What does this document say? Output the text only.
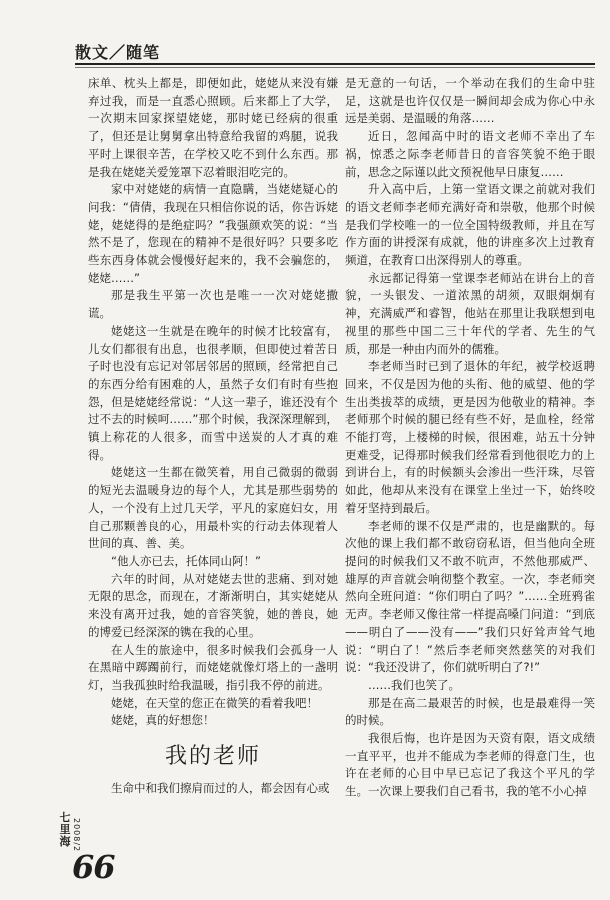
散文／随笔

床单、枕头上都是，即便如此，姥姥从来没有嫌弃过我，而是一直悉心照顾。后来都上了大学，一次期末回家探望姥姥，那时姥已经病的很重了，但还是让舅舅拿出特意给我留的鸡腿，说我平时上课很辛苦，在学校又吃不到什么东西。那是我在姥姥关爱笼罩下忍着眼泪吃完的。

家中对姥姥的病情一直隐瞒，当姥姥疑心的问我：“倩倩，我现在只相信你说的话，你告诉姥姥，姥姥得的是绝症吗？”我强颜欢笑的说：“当然不是了，您现在的精神不是很好吗？只要多吃些东西身体就会慢慢好起来的，我不会骗您的，姥姥……”

那是我生平第一次也是唯一一次对姥姥撒谎。

姥姥这一生就是在晚年的时候才比较富有，儿女们都很有出息，也很孝顺，但即使过着苦日子时也没有忘记对邻居邻居的照顾，经常把自己的东西分给有困难的人，虽然子女们有时有些抱怨，但是姥姥经常说：“人这一辈子，谁还没有个过不去的时候呵……”那个时候，我深深理解到，镇上称花的人很多，而雪中送炭的人才真的难得。

姥姥这一生都在微笑着，用自己微弱的微弱的短光去温暖身边的每个人，尤其是那些弱势的人，一个没有上过几天学，平凡的家庭妇女，用自己那颗善良的心，用最朴实的行动去体现着人世间的真、善、美。

“他人亦已去，托体同山阿！”

六年的时间，从对姥姥去世的悲痛、到对她无限的思念，而现在，才渐渐明白，其实姥姥从来没有离开过我，她的音容笑貌，她的善良，她的博爱已经深深的镌在我的心里。

在人生的旅途中，很多时候我们会孤身一人在黑暗中踯躅前行，而姥姥就像灯塔上的一盏明灯，当我孤独时给我温暖，指引我不停的前进。

姥姥，在天堂的您正在微笑的看着我吧！

姥姥，真的好想您！

我的老师

生命中和我们擦肩而过的人，都会因有心或

是无意的一句话，一个举动在我们的生命中驻足，这就是也许仅仅是一瞬间却会成为你心中永远是美弱、是温暖的角落……

近日，忽闻高中时的语文老师不幸出了车祸，惊悉之际李老师昔日的音容笑貌不绝于眼前，思念之际谨以此文预祝他早日康复……

升入高中后，上第一堂语文课之前就对我们的语文老师李老师充满好奇和崇敬，他那个时候是我们学校唯一的一位全国特级教师，并且在写作方面的讲授深有成就，他的讲座多次上过教育频道，在教育口出深得别人的尊重。

永远都记得第一堂课李老师站在讲台上的音貌，一头银发、一道浓黑的胡须，双眼炯炯有神，充满威严和睿智，他站在那里让我联想到电视里的那些中国二三十年代的学者、先生的气质，那是一种由内而外的儒雅。

李老师当时已到了退休的年纪，被学校返聘回来，不仅是因为他的头衔、他的威望、他的学生出类拔萃的成绩，更是因为他敬业的精神。李老师那个时候的腿已经有些不好，是血栓，经常不能打弯，上楼梯的时候，很困难，站五十分钟更难受，记得那时候我们经常看到他很吃力的上到讲台上，有的时候额头会渗出一些汗珠，尽管如此，他却从来没有在课堂上坐过一下，始终咬着牙坚持到最后。

李老师的课不仅是严肃的，也是幽默的。每次他的课上我们都不敢窃窃私语，但当他向全班提问的时候我们又不敢不吭声，不然他那威严、雄厚的声音就会响彻整个教室。一次，李老师突然向全班问道：“你们明白了吗？”……全班鸦雀无声。李老师又像往常一样提高嗓门问道：“到底——明白了——没有——”我们只好耸声耸气地说：“明白了！”然后李老师突然慈笑的对我们说：“我还没讲了，你们就听明白了?!”

……我们也笑了。

那是在高二最艰苦的时候，也是最难得一笑的时候。

我很后悔，也许是因为天资有限，语文成绩一直平平，也并不能成为李老师的得意门生，也许在老师的心目中早已忘记了我这个平凡的学生。一次课上要我们自己看书，我的笔不小心掉

七里海 2008/2
66
